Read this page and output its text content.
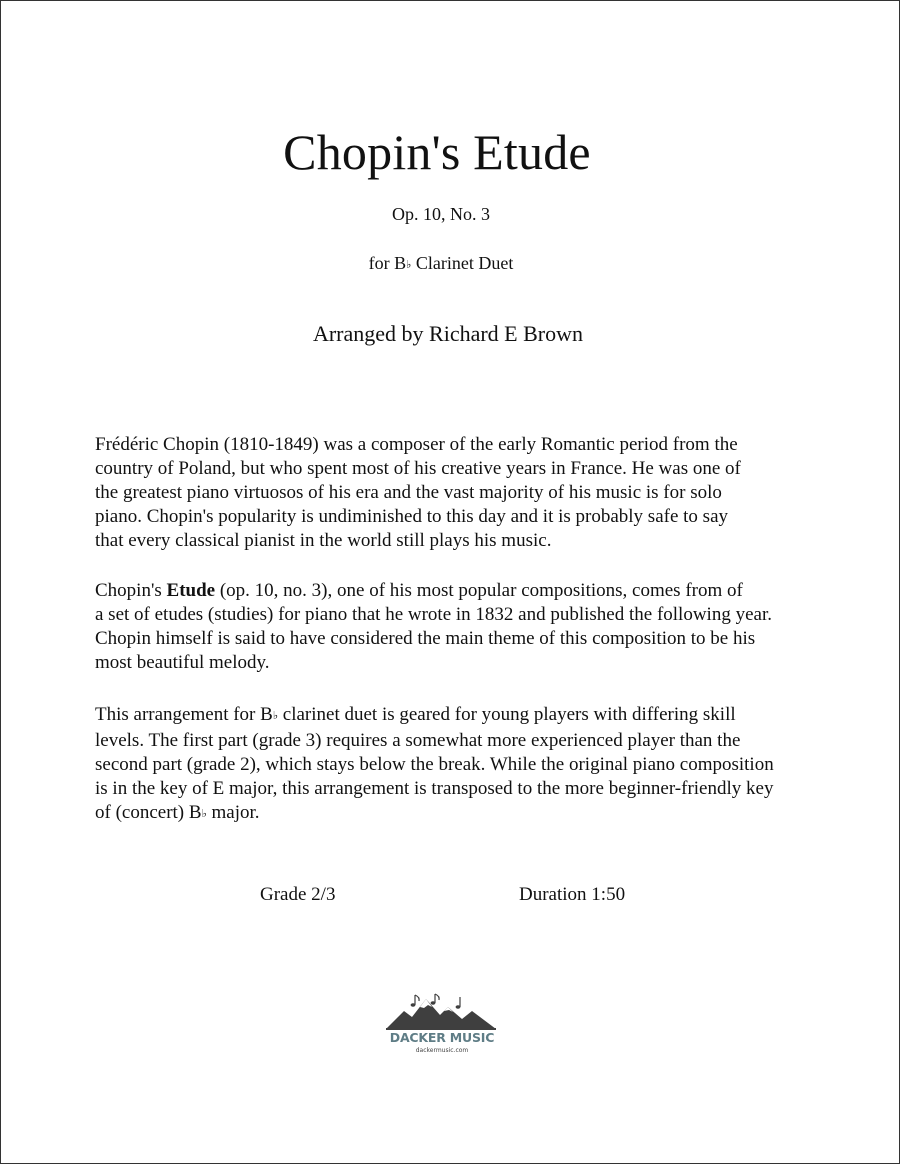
Chopin's Etude
Op. 10, No. 3
for B♭ Clarinet Duet
Arranged by Richard E Brown

Frédéric Chopin (1810-1849) was a composer of the early Romantic period from the

country of Poland, but who spent most of his creative years in France. He was one of

the greatest piano virtuosos of his era and the vast majority of his music is for solo

piano. Chopin's popularity is undiminished to this day and it is probably safe to say

that every classical pianist in the world still plays his music.

Chopin's Etude (op. 10, no. 3), one of his most popular compositions, comes from of

a set of etudes (studies) for piano that he wrote in 1832 and published the following year.

Chopin himself is said to have considered the main theme of this composition to be his

most beautiful melody.

This arrangement for B♭ clarinet duet is geared for young players with differing skill

levels. The first part (grade 3) requires a somewhat more experienced player than the

second part (grade 2), which stays below the break. While the original piano composition

is in the key of E major, this arrangement is transposed to the more beginner-friendly key

of (concert) B♭ major.

Grade 2/3	Duration 1:50
DACKER MUSIC
dackermusic.com
